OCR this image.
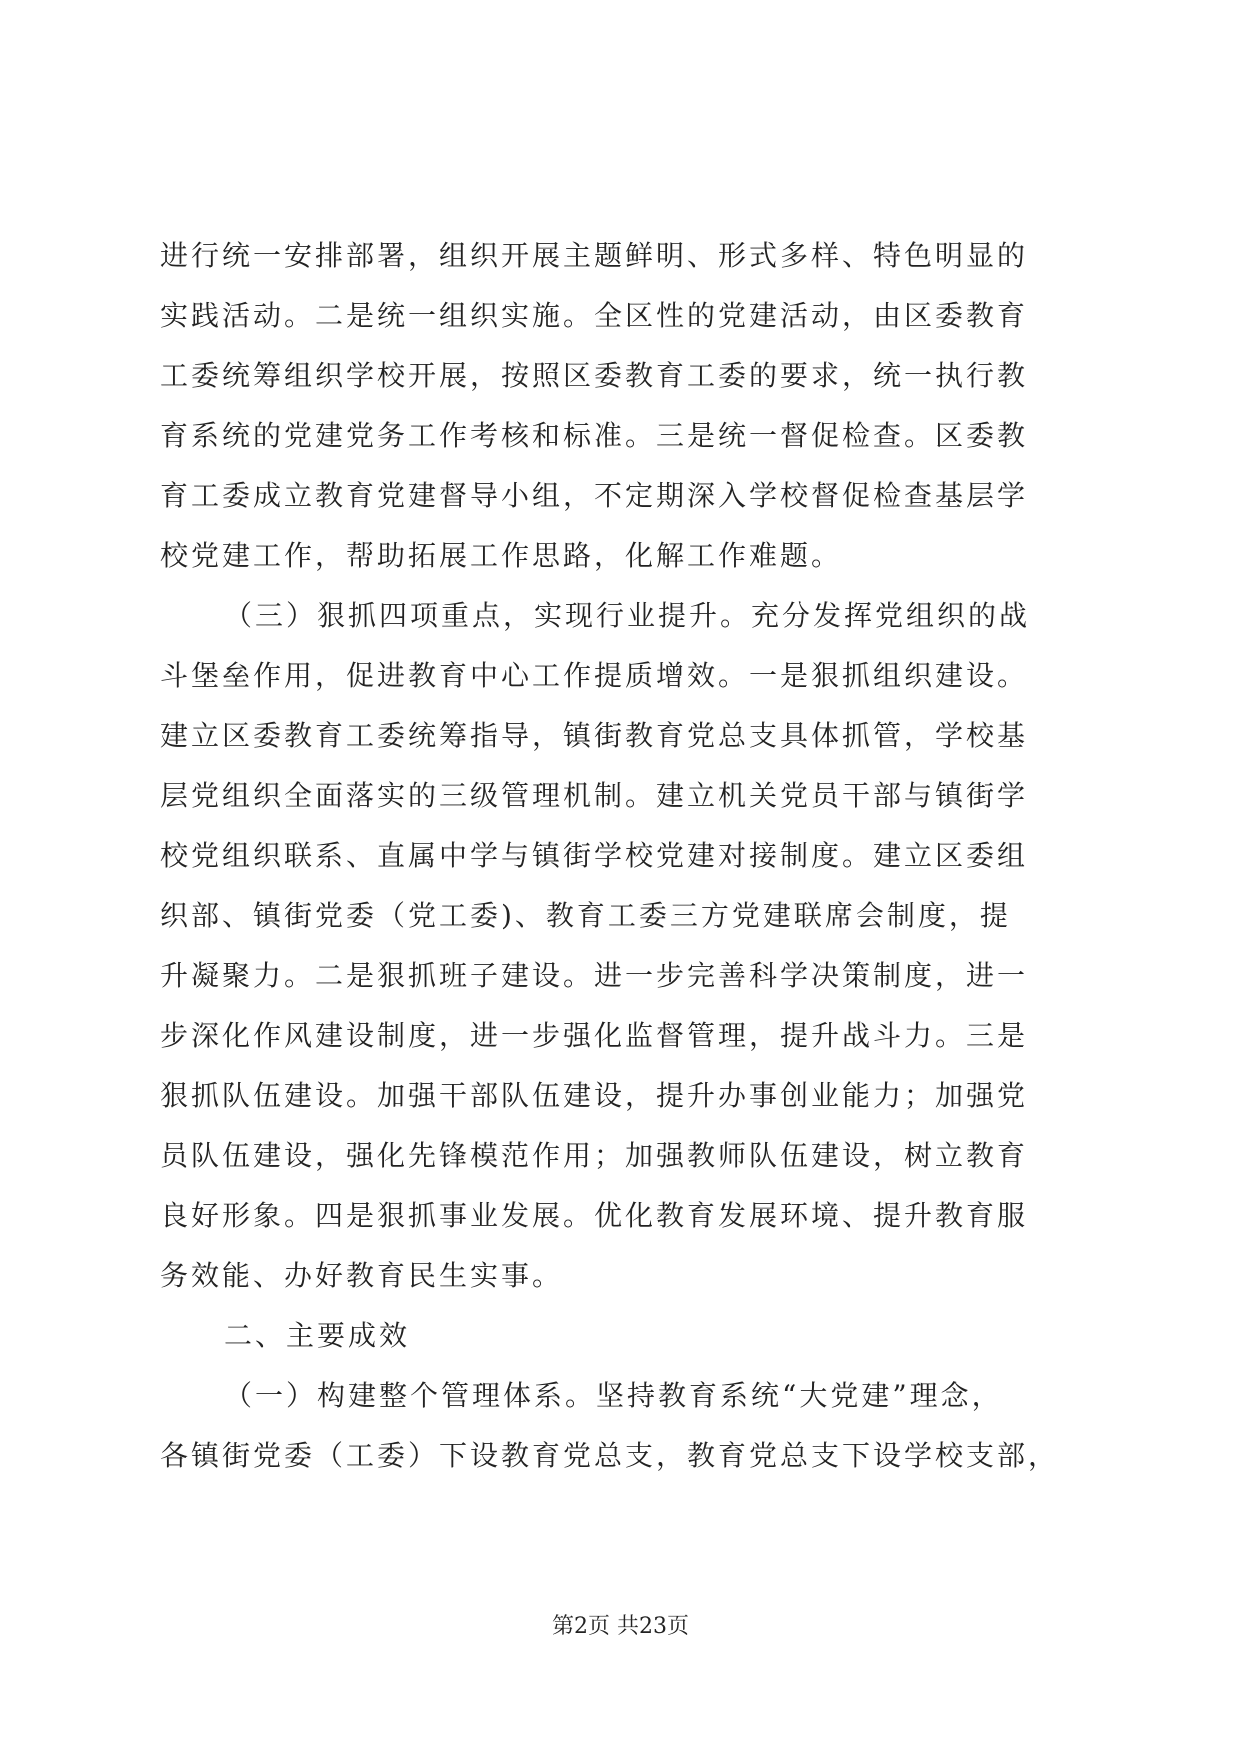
进行统一安排部署，组织开展主题鲜明、形式多样、特色明显的
实践活动。二是统一组织实施。全区性的党建活动，由区委教育
工委统筹组织学校开展，按照区委教育工委的要求，统一执行教
育系统的党建党务工作考核和标准。三是统一督促检查。区委教
育工委成立教育党建督导小组，不定期深入学校督促检查基层学
校党建工作，帮助拓展工作思路，化解工作难题。
（三）狠抓四项重点，实现行业提升。充分发挥党组织的战
斗堡垒作用，促进教育中心工作提质增效。一是狠抓组织建设。
建立区委教育工委统筹指导，镇街教育党总支具体抓管，学校基
层党组织全面落实的三级管理机制。建立机关党员干部与镇街学
校党组织联系、直属中学与镇街学校党建对接制度。建立区委组
织部、镇街党委（党工委)、教育工委三方党建联席会制度，提
升凝聚力。二是狠抓班子建设。进一步完善科学决策制度，进一
步深化作风建设制度，进一步强化监督管理，提升战斗力。三是
狠抓队伍建设。加强干部队伍建设，提升办事创业能力；加强党
员队伍建设，强化先锋模范作用；加强教师队伍建设，树立教育
良好形象。四是狠抓事业发展。优化教育发展环境、提升教育服
务效能、办好教育民生实事。
二、主要成效
（一）构建整个管理体系。坚持教育系统“大党建”理念，
各镇街党委（工委）下设教育党总支，教育党总支下设学校支部，
第2页 共23页
